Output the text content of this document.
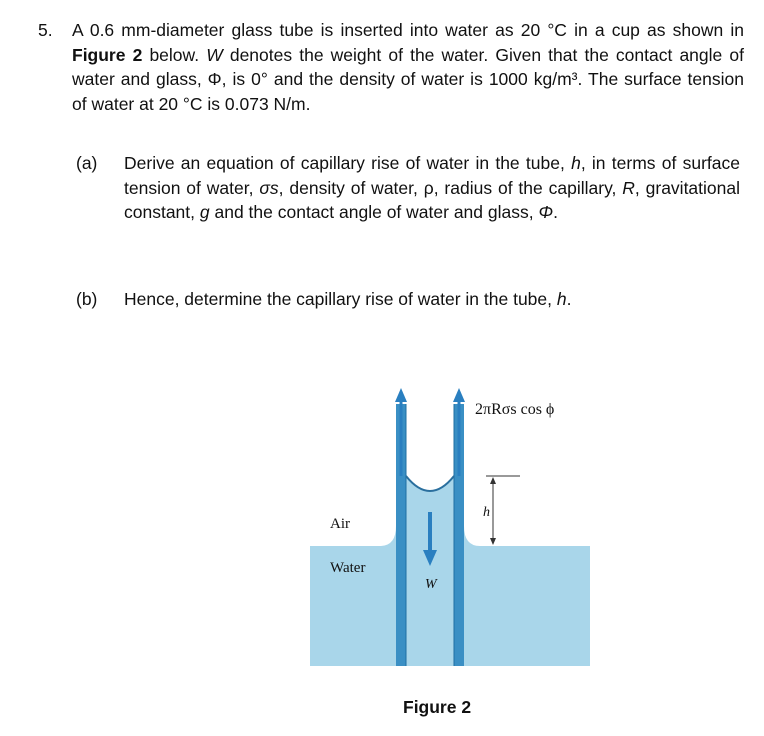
5. A 0.6 mm-diameter glass tube is inserted into water as 20 °C in a cup as shown in Figure 2 below. W denotes the weight of the water. Given that the contact angle of water and glass, Φ, is 0° and the density of water is 1000 kg/m³. The surface tension of water at 20 °C is 0.073 N/m.
(a) Derive an equation of capillary rise of water in the tube, h, in terms of surface tension of water, σs, density of water, ρ, radius of the capillary, R, gravitational constant, g and the contact angle of water and glass, Φ.
(b) Hence, determine the capillary rise of water in the tube, h.
2πRσs cos ϕ
Air
Water
W
h
Figure 2
